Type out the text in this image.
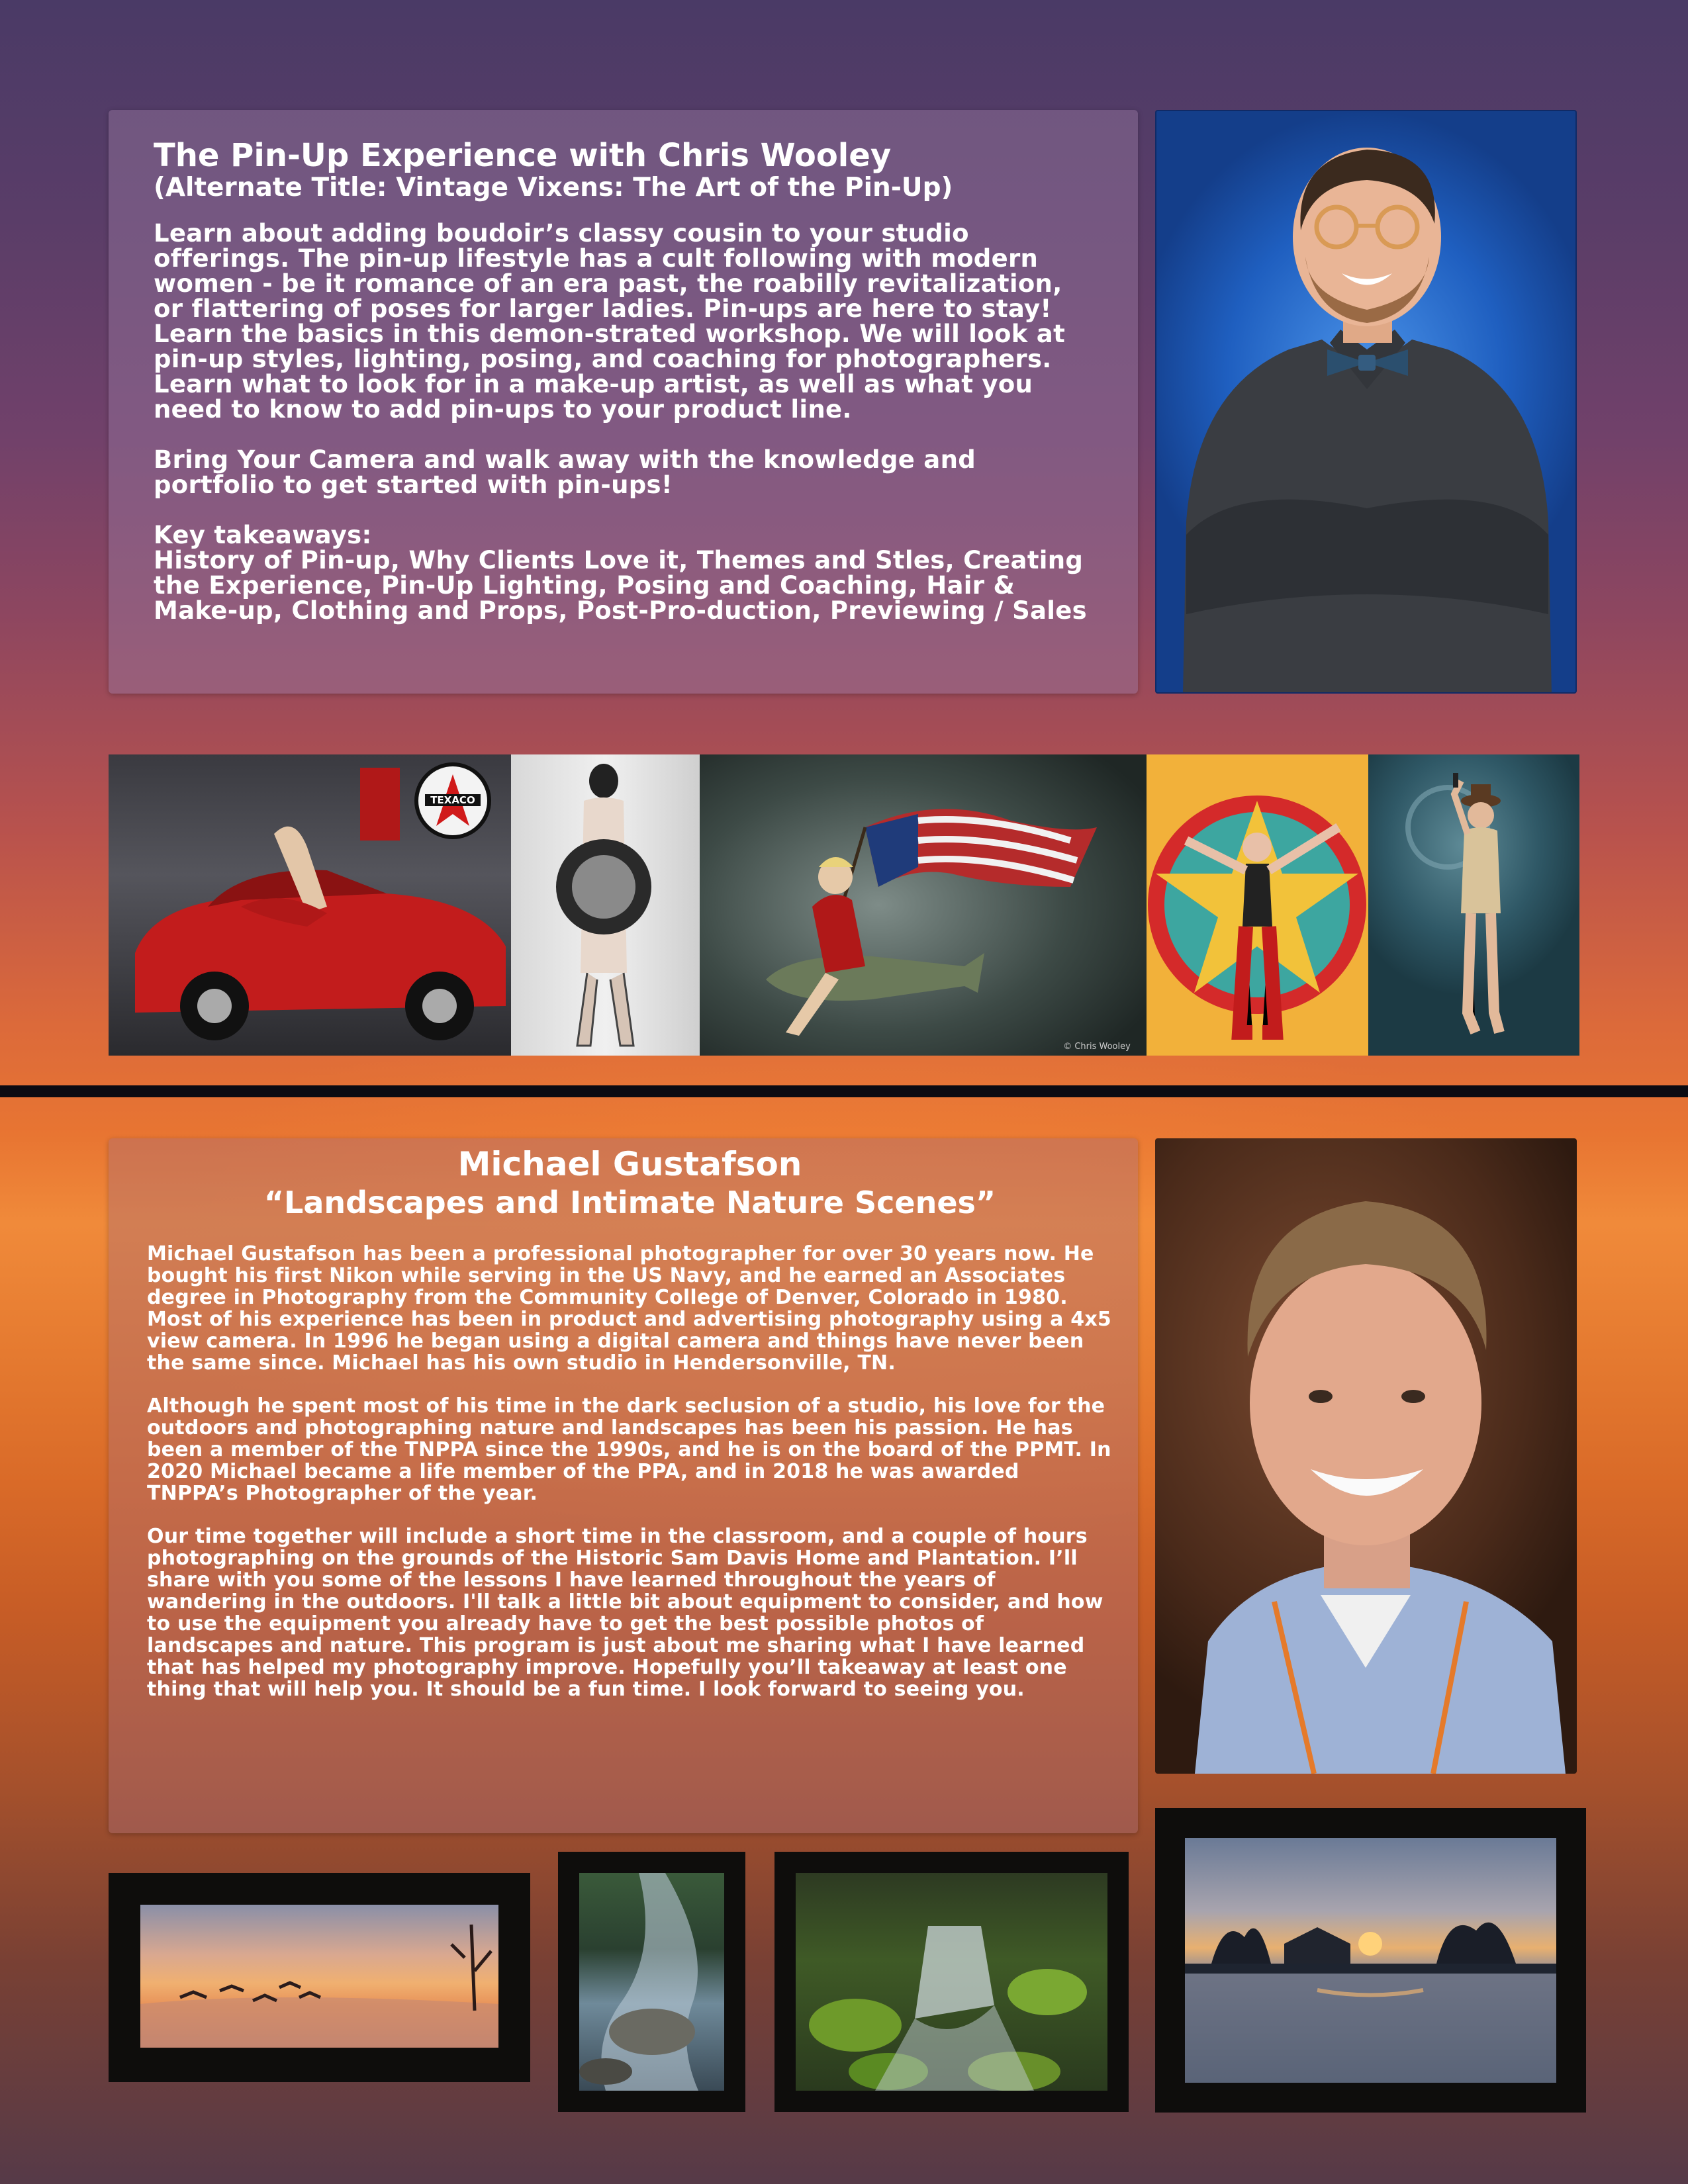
The Pin-Up Experience with Chris Wooley
(Alternate Title: Vintage Vixens: The Art of the Pin-Up)

Learn about adding boudoir’s classy cousin to your studio offerings. The pin-up lifestyle has a cult following with modern women - be it romance of an era past, the roabilly revitalization, or flattering of poses for larger ladies. Pin-ups are here to stay! Learn the basics in this demon-strated workshop. We will look at pin-up styles, lighting, posing, and coaching for photographers. Learn what to look for in a make-up artist, as well as what you need to know to add pin-ups to your product line.

Bring Your Camera and walk away with the knowledge and portfolio to get started with pin-ups!

Key takeaways:

History of Pin-up, Why Clients Love it, Themes and Stles, Creating the Experience, Pin-Up Lighting, Posing and Coaching, Hair & Make-up, Clothing and Props, Post-Pro-duction, Previewing / Sales

TEXACO
© Chris Wooley
Michael Gustafson
“Landscapes and Intimate Nature Scenes”

Michael Gustafson has been a professional photographer for over 30 years now. He bought his first Nikon while serving in the US Navy, and he earned an Associates degree in Photography from the Community College of Denver, Colorado in 1980. Most of his experience has been in product and advertising photography using a 4x5 view camera. In 1996 he began using a digital camera and things have never been the same since. Michael has his own studio in Hendersonville, TN.

Although he spent most of his time in the dark seclusion of a studio, his love for the outdoors and photographing nature and landscapes has been his passion. He has been a member of the TNPPA since the 1990s, and he is on the board of the PPMT. In 2020 Michael became a life member of the PPA, and in 2018 he was awarded TNPPA’s Photographer of the year.

Our time together will include a short time in the classroom, and a couple of hours photographing on the grounds of the Historic Sam Davis Home and Plantation. I’ll share with you some of the lessons I have learned throughout the years of wandering in the outdoors. I'll talk a little bit about equipment to consider, and how to use the equipment you already have to get the best possible photos of landscapes and nature. This program is just about me sharing what I have learned that has helped my photography improve. Hopefully you’ll takeaway at least one thing that will help you. It should be a fun time. I look forward to seeing you.
